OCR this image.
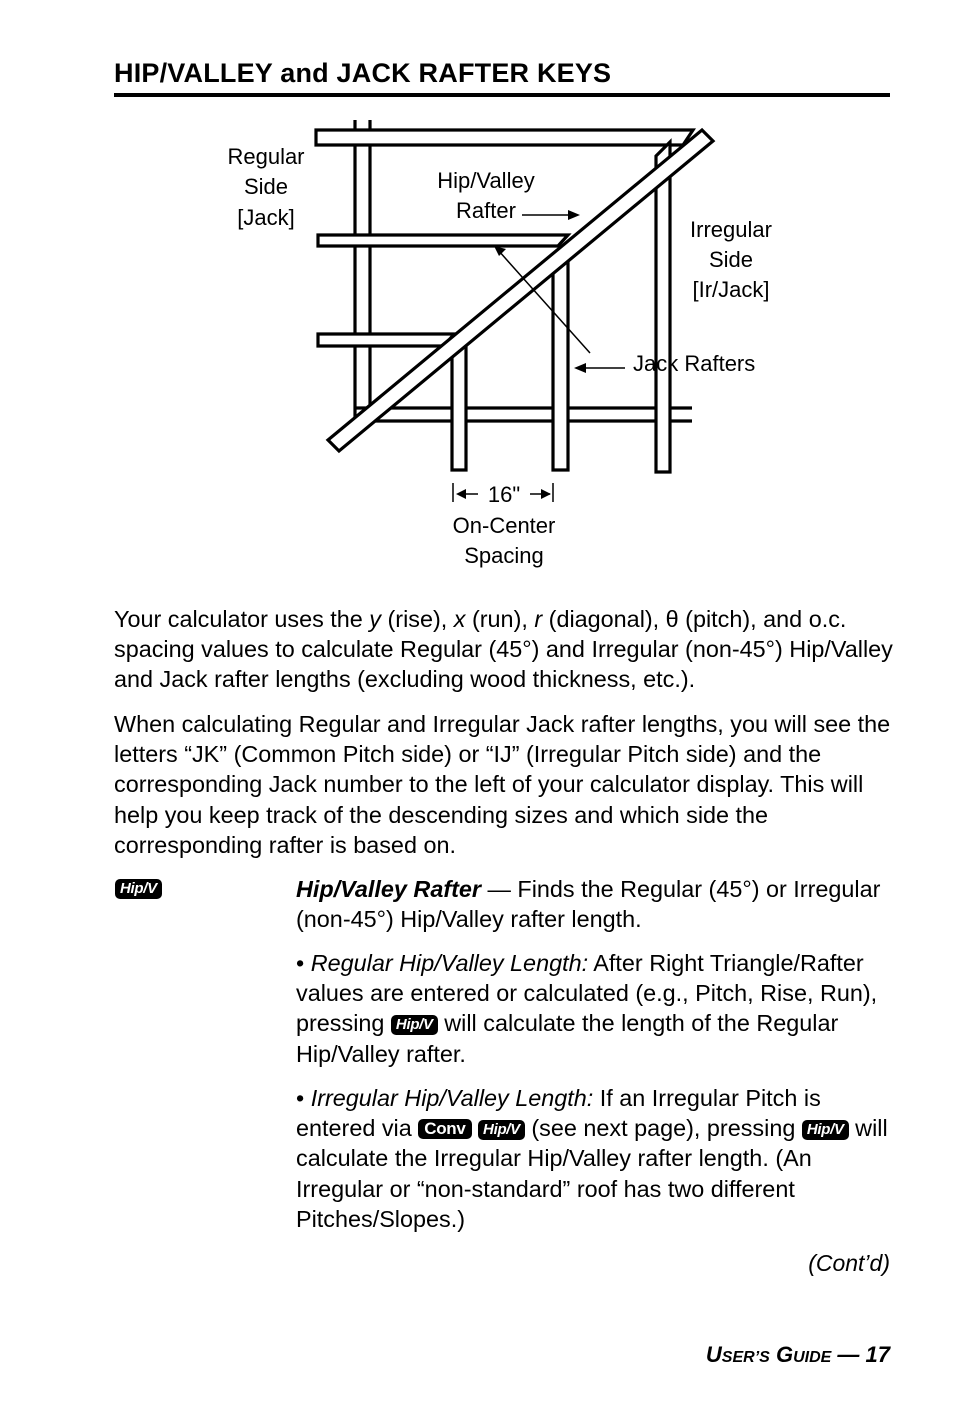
HIP/VALLEY and JACK RAFTER KEYS
Regular
Side
[Jack]
Hip/Valley
Rafter
Irregular
Side
[Ir/Jack]
Jack Rafters
16"
On-Center
Spacing

Your calculator uses the y (rise), x (run), r (diagonal), θ (pitch), and o.c. spacing values to calculate Regular (45°) and Irregular (non-45°) Hip/Valley and Jack rafter lengths (excluding wood thickness, etc.).

When calculating Regular and Irregular Jack rafter lengths, you will see the letters “JK” (Common Pitch side) or “IJ” (Irregular Pitch side) and the corresponding Jack number to the left of your calculator display. This will help you keep track of the descending sizes and which side the corresponding rafter is based on.

Hip/V	Hip/Valley Rafter — Finds the Regular (45°) or Irregular (non-45°) Hip/Valley rafter length.

• Regular Hip/Valley Length: After Right Triangle/Rafter values are entered or calculated (e.g., Pitch, Rise, Run), pressing Hip/V will calculate the length of the Regular Hip/Valley rafter.

• Irregular Hip/Valley Length: If an Irregular Pitch is entered via Conv Hip/V (see next page), pressing Hip/V will calculate the Irregular Hip/Valley rafter length. (An Irregular or “non-standard” roof has two different Pitches/Slopes.)

(Cont’d)
USER’S GUIDE — 17
